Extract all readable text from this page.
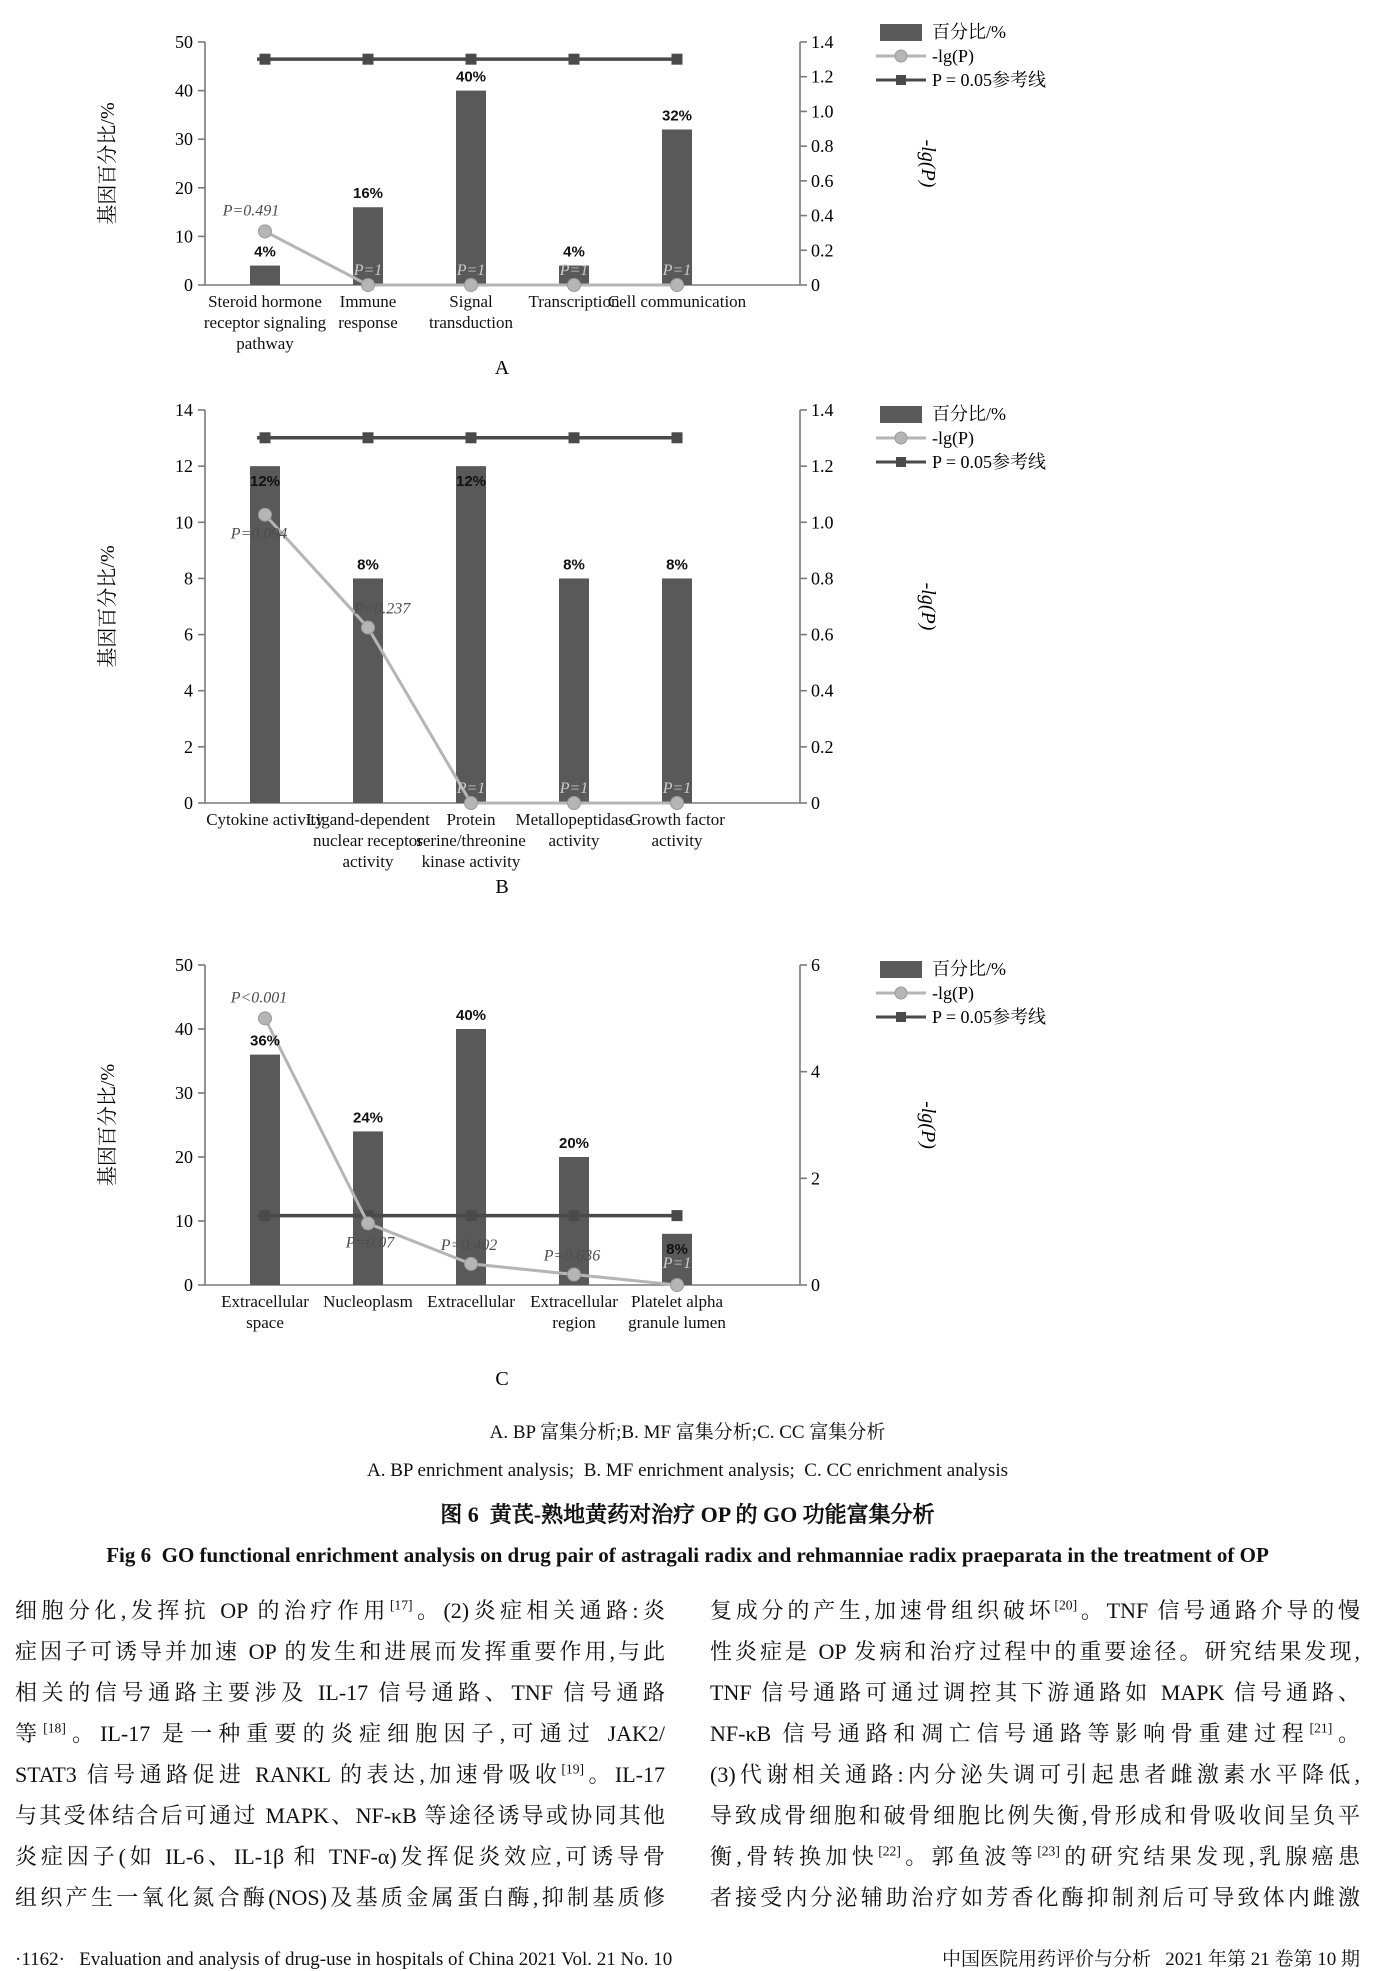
0
10
20
30
40
50
0
0.2
0.4
0.6
0.8
1.0
1.2
1.4
基因百分比/%	-lg(P)
4%
16%
40%
4%
32%
P=0.491
P=1	P=1	P=1	P=1
Steroid hormone
receptor signaling
pathway
Immune
response
Signal
transduction
Transcription
Cell communication
百分比/%
-lg(P)
P = 0.05参考线
A
0
2
4
6
8
10
12
14
0
0.2
0.4
0.6
0.8
1.0
1.2
1.4
基因百分比/%	-lg(P)
12%
8%
12%
8%	8%
P=0.094
P=0.237
P=1	P=1	P=1
Cytokine activity
Ligand-dependent
nuclear receptor
activity
Protein
serine/threonine
kinase activity
Metallopeptidase
activity
Growth factor
activity
百分比/%
-lg(P)
P = 0.05参考线
B
0
10
20
30
40
50
0
2
4
6
基因百分比/%	-lg(P)
36%
24%
40%
20%
8%
P<0.001
P=0.07	P=0.402
P=0.636	P=1
Extracellular
space
Nucleoplasm Extracellular Extracellular
region
Platelet alpha
granule lumen
百分比/%
-lg(P)
P = 0.05参考线
C
A. BP 富集分析;B. MF 富集分析;C. CC 富集分析
A. BP enrichment analysis;  B. MF enrichment analysis;  C. CC enrichment analysis
图 6  黄芪-熟地黄药对治疗 OP 的 GO 功能富集分析
Fig 6  GO functional enrichment analysis on drug pair of astragali radix and rehmanniae radix praeparata in the treatment of OP
细胞分化,发挥抗 OP 的治疗作用[17]。(2)炎症相关通路:炎
症因子可诱导并加速 OP 的发生和进展而发挥重要作用,与此
相关的信号通路主要涉及 IL-17 信号通路、TNF 信号通路
等[18]。IL-17 是一种重要的炎症细胞因子,可通过 JAK2/
STAT3 信号通路促进 RANKL 的表达,加速骨吸收[19]。IL-17
与其受体结合后可通过 MAPK、NF-κB 等途径诱导或协同其他
炎症因子(如 IL-6、IL-1β 和 TNF-α)发挥促炎效应,可诱导骨
组织产生一氧化氮合酶(NOS)及基质金属蛋白酶,抑制基质修
复成分的产生,加速骨组织破坏[20]。TNF 信号通路介导的慢
性炎症是 OP 发病和治疗过程中的重要途径。研究结果发现,
TNF 信号通路可通过调控其下游通路如 MAPK 信号通路、
NF-κB 信号通路和凋亡信号通路等影响骨重建过程[21]。
(3)代谢相关通路:内分泌失调可引起患者雌激素水平降低,
导致成骨细胞和破骨细胞比例失衡,骨形成和骨吸收间呈负平
衡,骨转换加快[22]。郭鱼波等[23]的研究结果发现,乳腺癌患
者接受内分泌辅助治疗如芳香化酶抑制剂后可导致体内雌激
·1162·   Evaluation and analysis of drug-use in hospitals of China 2021 Vol. 21 No. 10	中国医院用药评价与分析   2021 年第 21 卷第 10 期
